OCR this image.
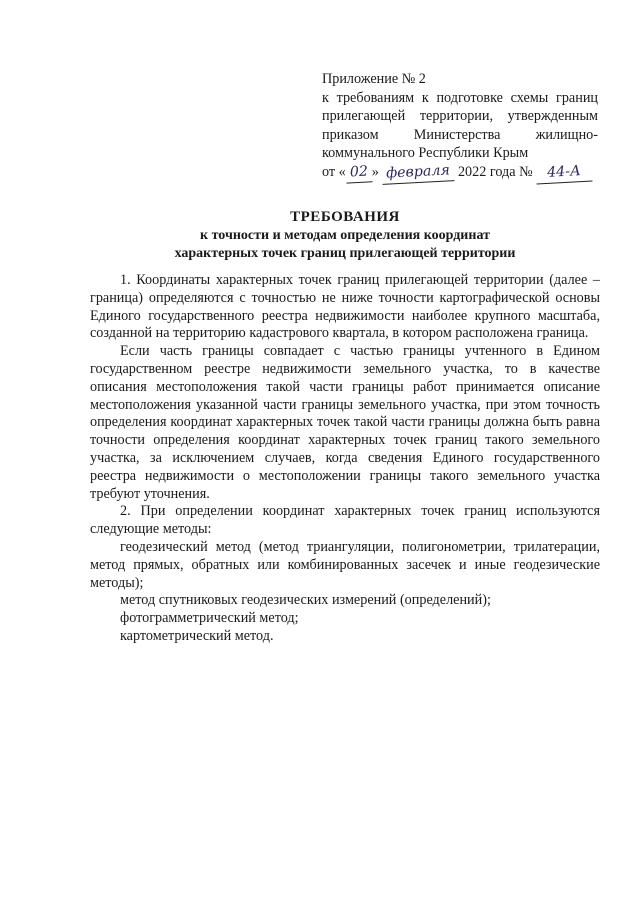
Приложение № 2
к требованиям к подготовке схемы границ
прилегающей территории, утвержденным
приказом Министерства жилищно-
коммунального Республики Крым
от « 02 » февраля 2022 года № 44-А
ТРЕБОВАНИЯ
к точности и методам определения координат
характерных точек границ прилегающей территории

1. Координаты характерных точек границ прилегающей территории (далее – граница) определяются с точностью не ниже точности картографической основы Единого государственного реестра недвижимости наиболее крупного масштаба, созданной на территорию кадастрового квартала, в котором расположена граница.

Если часть границы совпадает с частью границы учтенного в Едином государственном реестре недвижимости земельного участка, то в качестве описания местоположения такой части границы работ принимается описание местоположения указанной части границы земельного участка, при этом точность определения координат характерных точек такой части границы должна быть равна точности определения координат характерных точек границ такого земельного участка, за исключением случаев, когда сведения Единого государственного реестра недвижимости о местоположении границы такого земельного участка требуют уточнения.

2. При определении координат характерных точек границ используются следующие методы:

геодезический метод (метод триангуляции, полигонометрии, трилатерации, метод прямых, обратных или комбинированных засечек и иные геодезические методы);

метод спутниковых геодезических измерений (определений);

фотограмметрический метод;

картометрический метод.
